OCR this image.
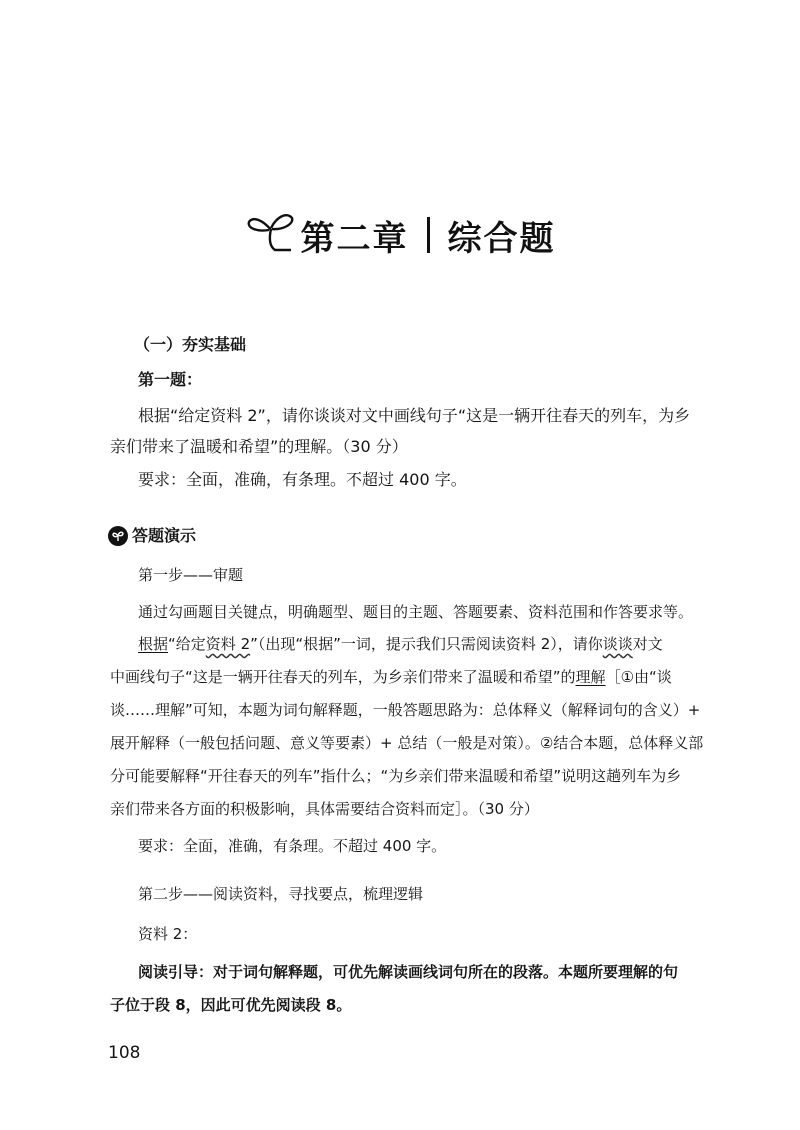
第二章 综合题
（一）夯实基础
第一题：
根据“给定资料 2”，请你谈谈对文中画线句子“这是一辆开往春天的列车，为乡
亲们带来了温暖和希望”的理解。（30 分）
要求：全面，准确，有条理。不超过 400 字。
答题演示
第一步——审题
通过勾画题目关键点，明确题型、题目的主题、答题要素、资料范围和作答要求等。
根据“给定资料 2”（出现“根据”一词，提示我们只需阅读资料 2），请你谈谈对文
中画线句子“这是一辆开往春天的列车，为乡亲们带来了温暖和希望”的理解［①由“谈
谈……理解”可知，本题为词句解释题，一般答题思路为：总体释义（解释词句的含义）+
展开解释（一般包括问题、意义等要素）+ 总结（一般是对策）。②结合本题，总体释义部
分可能要解释“开往春天的列车”指什么；“为乡亲们带来温暖和希望”说明这趟列车为乡
亲们带来各方面的积极影响，具体需要结合资料而定］。（30 分）
要求：全面，准确，有条理。不超过 400 字。
第二步——阅读资料，寻找要点，梳理逻辑
资料 2：
阅读引导：对于词句解释题，可优先解读画线词句所在的段落。本题所要理解的句
子位于段 8，因此可优先阅读段 8。
108
